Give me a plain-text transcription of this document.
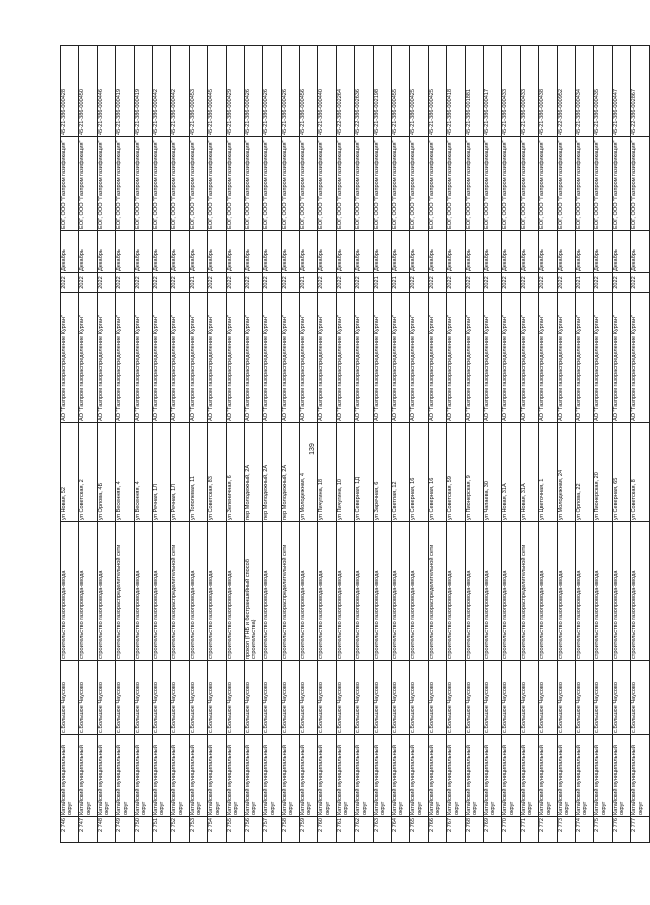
139
2 746	Катайский муниципальный округ	с.Большое Чаусово	строительство газопровода-ввода	ул Новая, 52	АО "Газпром газораспределение Курган"	2022	Декабрь	ЕОГ, ООО "Газпром газификация"	45-21-386-000428
2 747	Катайский муниципальный округ	с.Большое Чаусово	строительство газопровода-ввода	ул Советская, 2	АО "Газпром газораспределение Курган"	2022	Декабрь	ЕОГ, ООО "Газпром газификация"	45-21-386-000450
2 748	Катайский муниципальный округ	с.Большое Чаусово	строительство газопровода-ввода	ул Орлова, 4Б	АО "Газпром газораспределение Курган"	2022	Декабрь	ЕОГ, ООО "Газпром газификация"	45-21-386-000446
2 749	Катайский муниципальный округ	с.Большое Чаусово	строительство газораспределительной сети	ул Весенняя, 4	АО "Газпром газораспределение Курган"	2022	Декабрь	ЕОГ, ООО "Газпром газификация"	45-21-386-000419
2 750	Катайский муниципальный округ	с.Большое Чаусово	строительство газопровода-ввода	ул Весенняя, 4	АО "Газпром газораспределение Курган"	2022	Декабрь	ЕОГ, ООО "Газпром газификация"	45-21-386-000419
2 751	Катайский муниципальный округ	с.Большое Чаусово	строительство газопровода-ввода	ул Речная, 1Л	АО "Газпром газораспределение Курган"	2022	Декабрь	ЕОГ, ООО "Газпром газификация"	45-21-386-000442
2 752	Катайский муниципальный округ	с.Большое Чаусово	строительство газораспределительной сети	ул Речная, 1Л	АО "Газпром газораспределение Курган"	2022	Декабрь	ЕОГ, ООО "Газпром газификация"	45-21-386-000442
2 753	Катайский муниципальный округ	с.Большое Чаусово	строительство газопровода-ввода	ул Тополевая, 11	АО "Газпром газораспределение Курган"	2021	Декабрь	ЕОГ, ООО "Газпром газификация"	45-21-386-000453
2 754	Катайский муниципальный округ	с.Большое Чаусово	строительство газопровода-ввода	ул Советская, 83	АО "Газпром газораспределение Курган"	2022	Декабрь	ЕОГ, ООО "Газпром газификация"	45-21-386-000445
2 755	Катайский муниципальный округ	с.Большое Чаусово	строительство газопровода-ввода	ул Зеленичная, 6	АО "Газпром газораспределение Курган"	2022	Декабрь	ЕОГ, ООО "Газпром газификация"	45-21-386-000429
2 756	Катайский муниципальный округ	с.Большое Чаусово	прокол (ГНБ и бестраншейный способ строительства)	пер Молодежный, 2А	АО "Газпром газораспределение Курган"	2022	Декабрь	ЕОГ, ООО "Газпром газификация"	45-21-386-000426
2 757	Катайский муниципальный округ	с.Большое Чаусово	строительство газопровода-ввода	пер Молодежный, 2А	АО "Газпром газораспределение Курган"	2022	Декабрь	ЕОГ, ООО "Газпром газификация"	45-21-386-000426
2 758	Катайский муниципальный округ	с.Большое Чаусово	строительство газораспределительной сети	пер Молодежный, 2А	АО "Газпром газораспределение Курган"	2022	Декабрь	ЕОГ, ООО "Газпром газификация"	45-21-386-000426
2 759	Катайский муниципальный округ	с.Большое Чаусово	строительство газопровода-ввода	ул Молодежная, 4	АО "Газпром газораспределение Курган"	2021	Декабрь	ЕОГ, ООО "Газпром газификация"	45-21-386-000456
2 760	Катайский муниципальный округ	с.Большое Чаусово	строительство газопровода-ввода	ул Пичугина, 18	АО "Газпром газораспределение Курган"	2022	Декабрь	ЕОГ, ООО "Газпром газификация"	45-21-386-000440
2 761	Катайский муниципальный округ	с.Большое Чаусово	строительство газопровода-ввода	ул Пичугина, 10	АО "Газпром газораспределение Курган"	2022	Декабрь	ЕОГ, ООО "Газпром газификация"	45-22-386-002264
2 762	Катайский муниципальный округ	с.Большое Чаусово	строительство газопровода-ввода	ул Северная, 1Д	АО "Газпром газораспределение Курган"	2022	Декабрь	ЕОГ, ООО "Газпром газификация"	45-22-386-002636
2 763	Катайский муниципальный округ	с.Большое Чаусово	строительство газопровода-ввода	ул Заречная, 6	АО "Газпром газораспределение Курган"	2021	Декабрь	ЕОГ, ООО "Газпром газификация"	45-21-386-002198
2 764	Катайский муниципальный округ	с.Большое Чаусово	строительство газопровода-ввода	ул Светлая, 12	АО "Газпром газораспределение Курган"	2021	Декабрь	ЕОГ, ООО "Газпром газификация"	45-21-386-000455
2 765	Катайский муниципальный округ	с.Большое Чаусово	строительство газопровода-ввода	ул Северная, 16	АО "Газпром газораспределение Курган"	2022	Декабрь	ЕОГ, ООО "Газпром газификация"	45-21-386-000425
2 766	Катайский муниципальный округ	с.Большое Чаусово	строительство газораспределительной сети	ул Северная, 16	АО "Газпром газораспределение Курган"	2022	Декабрь	ЕОГ, ООО "Газпром газификация"	45-21-386-000425
2 767	Катайский муниципальный округ	с.Большое Чаусово	строительство газопровода-ввода	ул Советская, 59	АО "Газпром газораспределение Курган"	2022	Декабрь	ЕОГ, ООО "Газпром газификация"	45-21-386-000418
2 768	Катайский муниципальный округ	с.Большое Чаусово	строительство газопровода-ввода	ул Пионерская, 9	АО "Газпром газораспределение Курган"	2022	Декабрь	ЕОГ, ООО "Газпром газификация"	45-21-386-001881
2 769	Катайский муниципальный округ	с.Большое Чаусово	строительство газопровода-ввода	ул Чапаева, 30	АО "Газпром газораспределение Курган"	2022	Декабрь	ЕОГ, ООО "Газпром газификация"	45-21-386-000417
2 770	Катайский муниципальный округ	с.Большое Чаусово	строительство газопровода-ввода	ул Новая, 31А	АО "Газпром газораспределение Курган"	2022	Декабрь	ЕОГ, ООО "Газпром газификация"	45-21-386-000433
2 771	Катайский муниципальный округ	с.Большое Чаусово	строительство газораспределительной сети	ул Новая, 31А	АО "Газпром газораспределение Курган"	2022	Декабрь	ЕОГ, ООО "Газпром газификация"	45-21-386-000433
2 772	Катайский муниципальный округ	с.Большое Чаусово	строительство газопровода-ввода	ул Цветочная, 1	АО "Газпром газораспределение Курган"	2022	Декабрь	ЕОГ, ООО "Газпром газификация"	45-21-386-000438
2 773	Катайский муниципальный округ	с.Большое Чаусово	строительство газопровода-ввода	ул Молодежная, 24	АО "Газпром газораспределение Курган"	2022	Декабрь	ЕОГ, ООО "Газпром газификация"	45-22-386-000952
2 774	Катайский муниципальный округ	с.Большое Чаусово	строительство газопровода-ввода	ул Орлова, 22	АО "Газпром газораспределение Курган"	2021	Декабрь	ЕОГ, ООО "Газпром газификация"	45-21-386-000434
2 775	Катайский муниципальный округ	с.Большое Чаусово	строительство газопровода-ввода	ул Пионерская, 20	АО "Газпром газораспределение Курган"	2022	Декабрь	ЕОГ, ООО "Газпром газификация"	45-21-386-000435
2 776	Катайский муниципальный округ	с.Большое Чаусово	строительство газопровода-ввода	ул Северная, 65	АО "Газпром газораспределение Курган"	2022	Декабрь	ЕОГ, ООО "Газпром газификация"	45-21-386-000447
2 777	Катайский муниципальный округ	с.Большое Чаусово	строительство газопровода-ввода	ул Советская, 8	АО "Газпром газораспределение Курган"	2022	Декабрь	ЕОГ, ООО "Газпром газификация"	45-22-386-002867
